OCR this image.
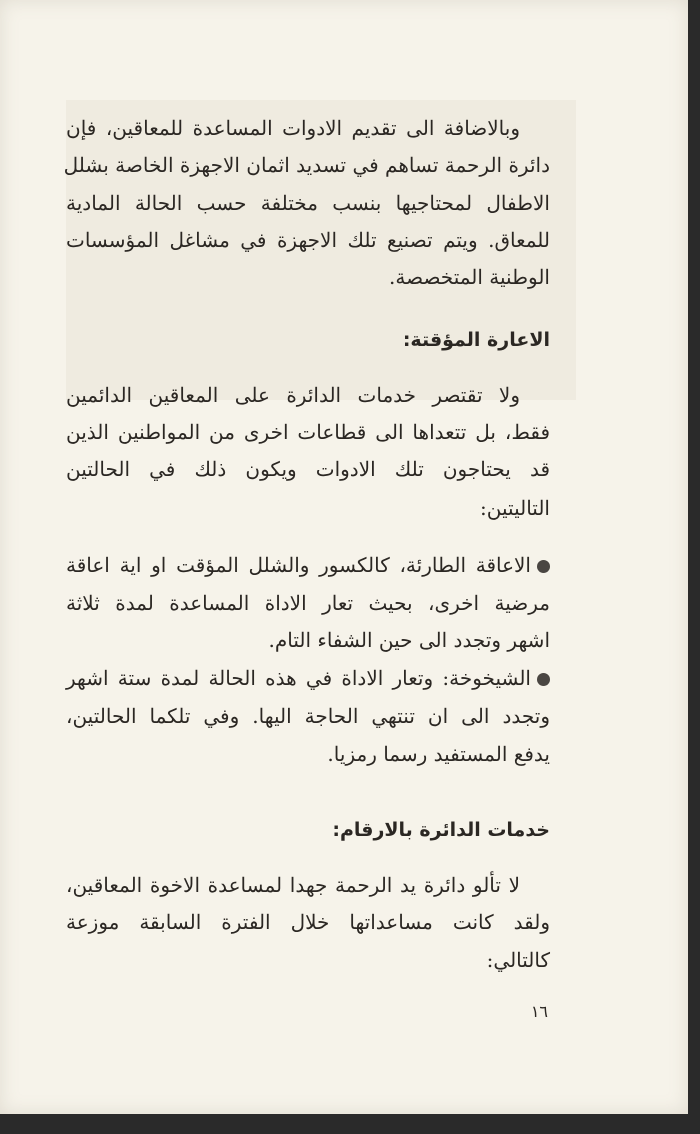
وبالاضافة الى تقديم الادوات المساعدة للمعاقين، فإن
دائرة الرحمة تساهم في تسديد اثمان الاجهزة الخاصة بشلل
الاطفال لمحتاجيها بنسب مختلفة حسب الحالة المادية
للمعاق. ويتم تصنيع تلك الاجهزة في مشاغل المؤسسات
الوطنية المتخصصة.
الاعارة المؤقتة:
ولا تقتصر خدمات الدائرة على المعاقين الدائمين
فقط، بل تتعداها الى قطاعات اخرى من المواطنين الذين
قد يحتاجون تلك الادوات ويكون ذلك في الحالتين
التاليتين:
الاعاقة الطارئة، كالكسور والشلل المؤقت او اية اعاقة
مرضية اخرى، بحيث تعار الاداة المساعدة لمدة ثلاثة
اشهر وتجدد الى حين الشفاء التام.
الشيخوخة: وتعار الاداة في هذه الحالة لمدة ستة اشهر
وتجدد الى ان تنتهي الحاجة اليها. وفي تلكما الحالتين،
يدفع المستفيد رسما رمزيا.
خدمات الدائرة بالارقام:
لا تألو دائرة يد الرحمة جهدا لمساعدة الاخوة المعاقين،
ولقد كانت مساعداتها خلال الفترة السابقة موزعة
كالتالي:
١٦
